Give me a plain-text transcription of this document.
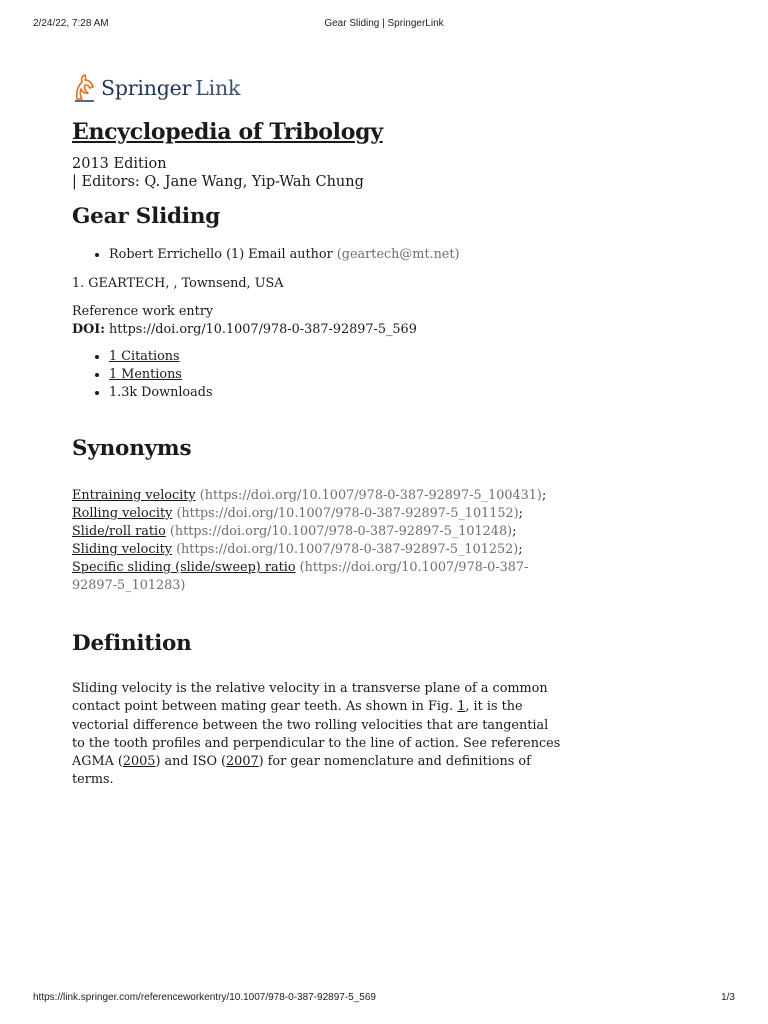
2/24/22, 7:28 AM	Gear Sliding | SpringerLink
Springer Link
Encyclopedia of Tribology
2013 Edition
| Editors: Q. Jane Wang, Yip-Wah Chung
Gear Sliding
• Robert Errichello (1) Email author (geartech@mt.net)
1. GEARTECH, , Townsend, USA
Reference work entry
DOI: https://doi.org/10.1007/978-0-387-92897-5_569
• 1 Citations
• 1 Mentions
• 1.3k Downloads
Synonyms
Entraining velocity (https://doi.org/10.1007/978-0-387-92897-5_100431); Rolling velocity (https://doi.org/10.1007/978-0-387-92897-5_101152); Slide/roll ratio (https://doi.org/10.1007/978-0-387-92897-5_101248); Sliding velocity (https://doi.org/10.1007/978-0-387-92897-5_101252); Specific sliding (slide/sweep) ratio (https://doi.org/10.1007/978-0-387-92897-5_101283)
Definition
Sliding velocity is the relative velocity in a transverse plane of a common contact point between mating gear teeth. As shown in Fig. 1, it is the vectorial difference between the two rolling velocities that are tangential to the tooth profiles and perpendicular to the line of action. See references AGMA (2005) and ISO (2007) for gear nomenclature and definitions of terms.
https://link.springer.com/referenceworkentry/10.1007/978-0-387-92897-5_569	1/3
